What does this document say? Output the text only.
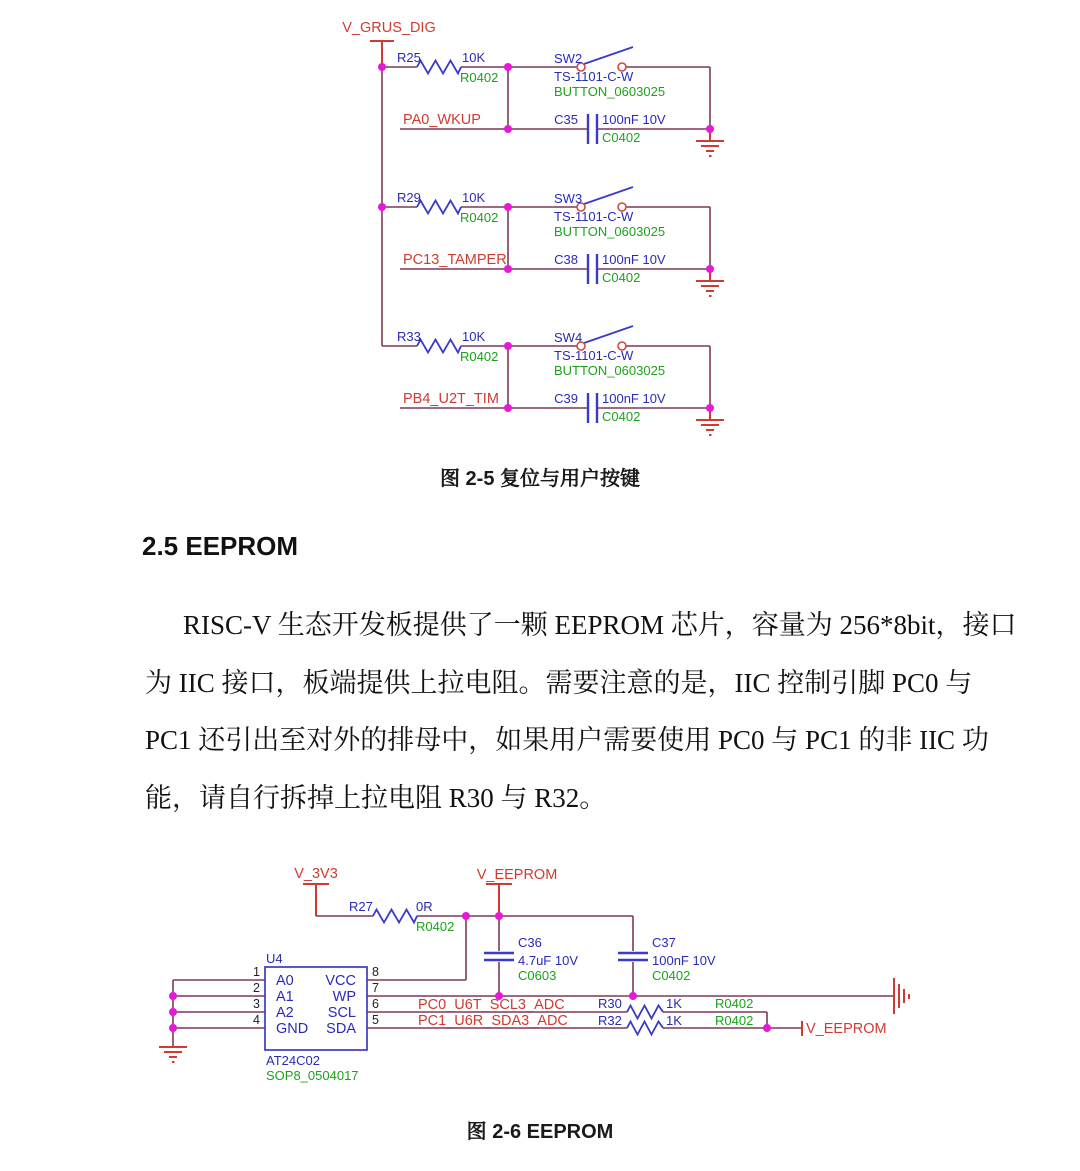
V_GRUS_DIG
R25	10K
R0402
SW2
TS-1101-C-W
BUTTON_0603025
PA0_WKUP	C35 100nF 10V
C0402
R29	10K
R0402
SW3
TS-1101-C-W
BUTTON_0603025
PC13_TAMPER	C38 100nF 10V
C0402
R33	10K
R0402
SW4
TS-1101-C-W
BUTTON_0603025
PB4_U2T_TIM	C39 100nF 10V
C0402
图 2-5 复位与用户按键
2.5 EEPROM
RISC-V 生态开发板提供了一颗 EEPROM 芯片，容量为 256*8bit，接口
为 IIC 接口，板端提供上拉电阻。需要注意的是，IIC 控制引脚 PC0 与
PC1 还引出至对外的排母中，如果用户需要使用 PC0 与 PC1 的非 IIC 功
能，请自行拆掉上拉电阻 R30 与 R32。
V_3V3	V_EEPROM
V_EEPROM
R27	0R
R0402
C36
4.7uF 10V
C0603
C37
100nF 10V
C0402
U4
AT24C02
SOP8_0504017
1
2
3
4
A0
A1
A2
GND
8
7
6
5
VCC
WP
SCL
SDA
PC0_U6T_SCL3_ADC
PC1_U6R_SDA3_ADC
R30	1K	R0402
R32	1K	R0402
图 2-6 EEPROM
